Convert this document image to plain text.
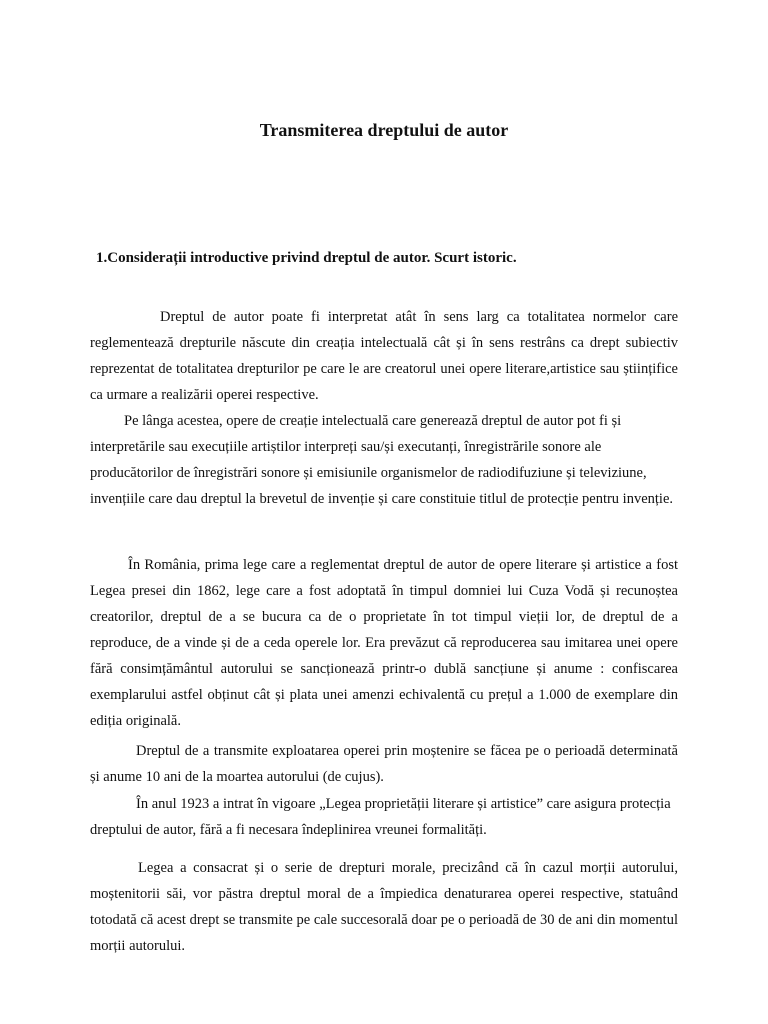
Transmiterea dreptului de autor
1.Considerații introductive privind dreptul de autor. Scurt istoric.

Dreptul de autor poate fi interpretat atât în sens larg ca totalitatea normelor care reglementează drepturile născute din creația intelectuală cât și în sens restrâns ca drept subiectiv reprezentat de totalitatea drepturilor pe care le are creatorul unei opere literare,artistice sau științifice ca urmare a realizării operei respective.

Pe lânga acestea, opere de creație intelectuală care generează dreptul de autor pot fi și interpretările sau execuțiile artiștilor interpreți sau/și executanți, înregistrările sonore ale producătorilor de înregistrări sonore și emisiunile organismelor de radiodifuziune și televiziune, invențiile care dau dreptul la brevetul de invenție și care constituie titlul de protecție pentru invenție.

În România, prima lege care a reglementat dreptul de autor de opere literare și artistice a fost Legea presei din 1862, lege care a fost adoptată în timpul domniei lui Cuza Vodă și recunoștea creatorilor, dreptul de a se bucura ca de o proprietate în tot timpul vieții lor, de dreptul de a reproduce, de a vinde și de a ceda operele lor. Era prevăzut că reproducerea sau imitarea unei opere fără consimțământul autorului se sancționează printr-o dublă sancțiune și anume : confiscarea exemplarului astfel obținut cât și plata unei amenzi echivalentă cu prețul a 1.000 de exemplare din ediția originală.

Dreptul de a transmite exploatarea operei prin moștenire se făcea pe o perioadă determinată și anume 10 ani de la moartea autorului (de cujus).

În anul 1923 a intrat în vigoare „Legea proprietății literare și artistice” care asigura protecția dreptului de autor, fără a fi necesara îndeplinirea vreunei formalități.

Legea a consacrat și o serie de drepturi morale, precizând că în cazul morții autorului, moștenitorii săi, vor păstra dreptul moral de a împiedica denaturarea operei respective, statuând totodată că acest drept se transmite pe cale succesorală doar pe o perioadă de 30 de ani din momentul morții autorului.
